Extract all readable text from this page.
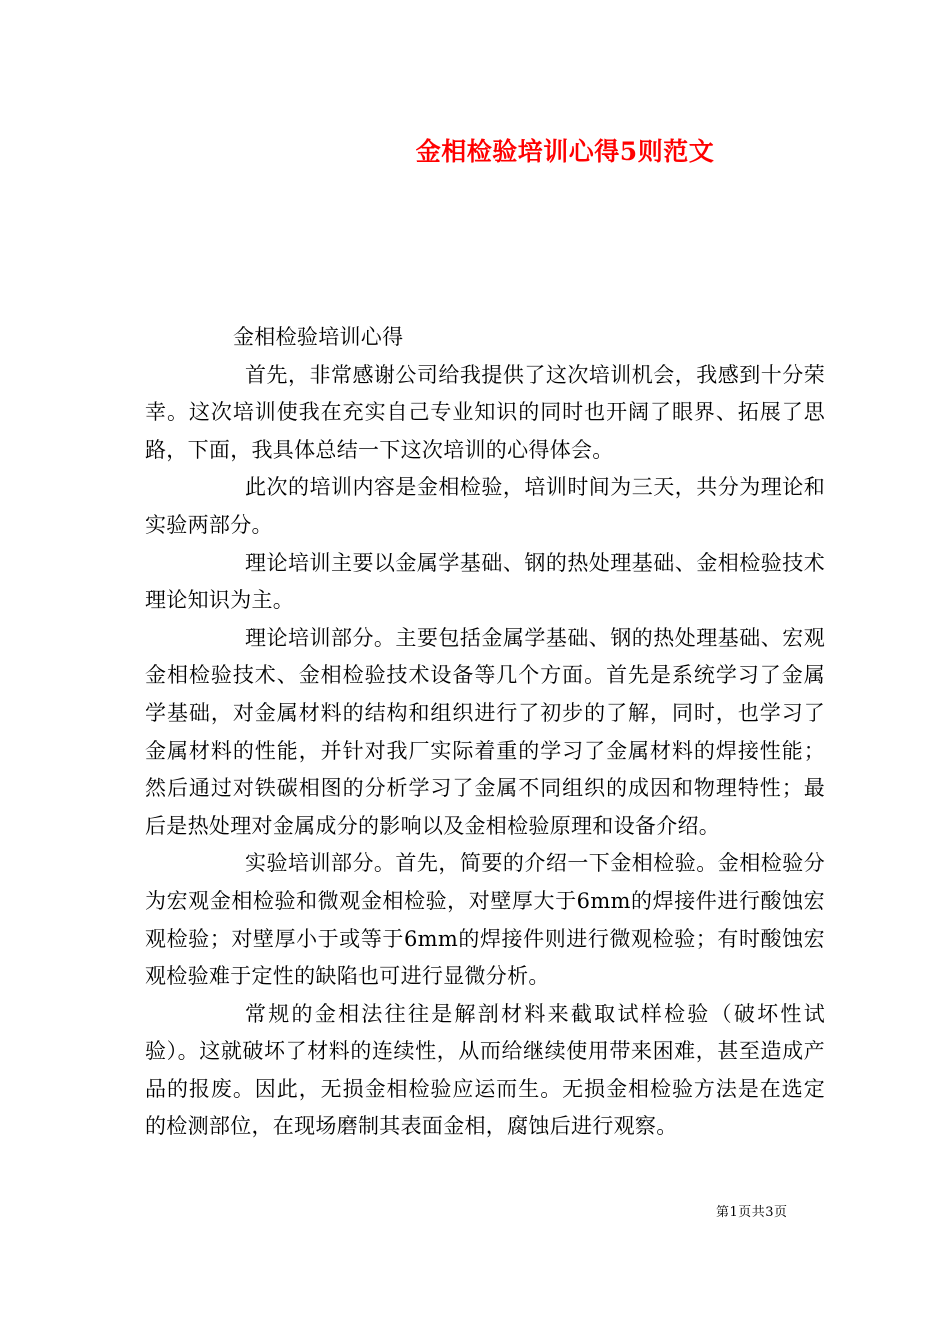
金相检验培训心得5则范文

金相检验培训心得

首先，非常感谢公司给我提供了这次培训机会，我感到十分荣幸。这次培训使我在充实自己专业知识的同时也开阔了眼界、拓展了思路，下面，我具体总结一下这次培训的心得体会。

此次的培训内容是金相检验，培训时间为三天，共分为理论和实验两部分。

理论培训主要以金属学基础、钢的热处理基础、金相检验技术理论知识为主。

理论培训部分。主要包括金属学基础、钢的热处理基础、宏观金相检验技术、金相检验技术设备等几个方面。首先是系统学习了金属学基础，对金属材料的结构和组织进行了初步的了解，同时，也学习了金属材料的性能，并针对我厂实际着重的学习了金属材料的焊接性能；然后通过对铁碳相图的分析学习了金属不同组织的成因和物理特性；最后是热处理对金属成分的影响以及金相检验原理和设备介绍。

实验培训部分。首先，简要的介绍一下金相检验。金相检验分为宏观金相检验和微观金相检验，对壁厚大于6mm的焊接件进行酸蚀宏观检验；对壁厚小于或等于6mm的焊接件则进行微观检验；有时酸蚀宏观检验难于定性的缺陷也可进行显微分析。

常规的金相法往往是解剖材料来截取试样检验（破坏性试验）。这就破坏了材料的连续性，从而给继续使用带来困难，甚至造成产品的报废。因此，无损金相检验应运而生。无损金相检验方法是在选定的检测部位，在现场磨制其表面金相，腐蚀后进行观察。

第1页共3页
